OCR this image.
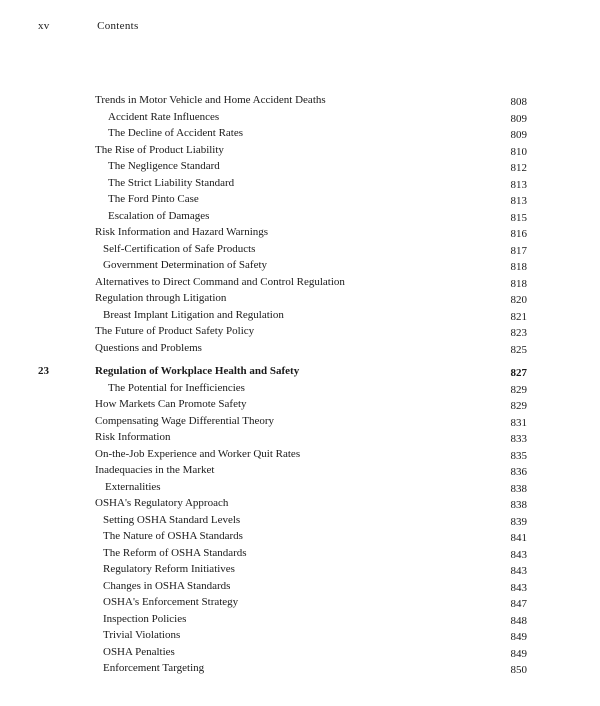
xv	Contents
Trends in Motor Vehicle and Home Accident Deaths	808
Accident Rate Influences	809
The Decline of Accident Rates	809
The Rise of Product Liability	810
The Negligence Standard	812
The Strict Liability Standard	813
The Ford Pinto Case	813
Escalation of Damages	815
Risk Information and Hazard Warnings	816
Self-Certification of Safe Products	817
Government Determination of Safety	818
Alternatives to Direct Command and Control Regulation	818
Regulation through Litigation	820
Breast Implant Litigation and Regulation	821
The Future of Product Safety Policy	823
Questions and Problems	825
23	Regulation of Workplace Health and Safety	827
The Potential for Inefficiencies	829
How Markets Can Promote Safety	829
Compensating Wage Differential Theory	831
Risk Information	833
On-the-Job Experience and Worker Quit Rates	835
Inadequacies in the Market	836
Externalities	838
OSHA's Regulatory Approach	838
Setting OSHA Standard Levels	839
The Nature of OSHA Standards	841
The Reform of OSHA Standards	843
Regulatory Reform Initiatives	843
Changes in OSHA Standards	843
OSHA's Enforcement Strategy	847
Inspection Policies	848
Trivial Violations	849
OSHA Penalties	849
Enforcement Targeting	850
